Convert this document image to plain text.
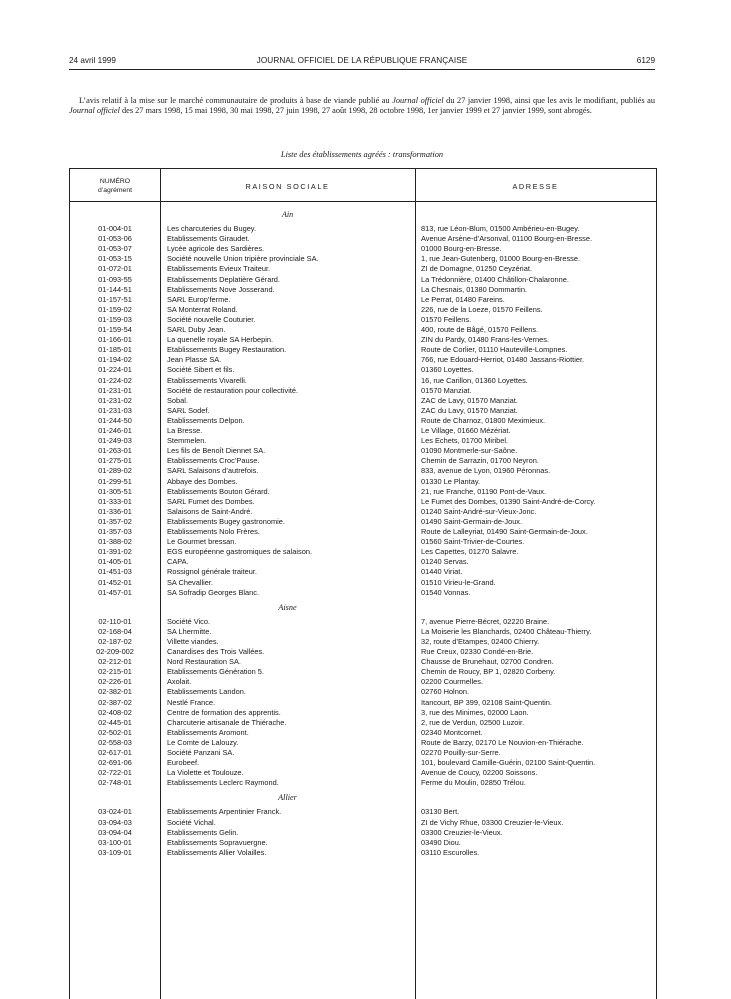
24 avril 1999	JOURNAL OFFICIEL DE LA RÉPUBLIQUE FRANÇAISE	6129
L’avis relatif à la mise sur le marché communautaire de produits à base de viande publié au Journal officiel du 27 janvier 1998, ainsi que les avis le modifiant, publiés au Journal officiel des 27 mars 1998, 15 mai 1998, 30 mai 1998, 27 juin 1998, 27 août 1998, 28 octobre 1998, 1er janvier 1999 et 27 janvier 1999, sont abrogés.
Liste des établissements agréés : transformation
NUMÉRO
d’agrément	RAISON SOCIALE	ADRESSE
Ain
01-004-01	Les charcuteries du Bugey.	813, rue Léon-Blum, 01500 Ambérieu-en-Bugey.
01-053-06	Etablissements Giraudet.	Avenue Arsène-d’Arsonval, 01100 Bourg-en-Bresse.
01-053-07	Lycée agricole des Sardières.	01000 Bourg-en-Bresse.
01-053-15	Société nouvelle Union tripière provinciale SA.	1, rue Jean-Gutenberg, 01000 Bourg-en-Bresse.
01-072-01	Etablissements Evieux Traiteur.	ZI de Domagne, 01250 Ceyzériat.
01-093-55	Etablissements Deplatière Gérard.	La Trédonnière, 01400 Châtillon-Chalaronne.
01-144-51	Etablissements Nove Josserand.	La Chesnais, 01380 Dommartin.
01-157-51	SARL Europ’ferme.	Le Perrat, 01480 Fareins.
01-159-02	SA Monterrat Roland.	226, rue de la Loeze, 01570 Feillens.
01-159-03	Société nouvelle Couturier.	01570 Feillens.
01-159-54	SARL Duby Jean.	400, route de Bâgé, 01570 Feillens.
01-166-01	La quenelle royale SA Herbepin.	ZIN du Pardy, 01480 Frans-les-Vernes.
01-185-01	Etablissements Bugey Restauration.	Route de Corlier, 01110 Hauteville-Lompnes.
01-194-02	Jean Plasse SA.	766, rue Edouard-Herriot, 01480 Jassans-Riottier.
01-224-01	Société Sibert et fils.	01360 Loyettes.
01-224-02	Etablissements Vivarelli.	16, rue Carillon, 01360 Loyettes.
01-231-01	Société de restauration pour collectivité.	01570 Manziat.
01-231-02	Sobal.	ZAC de Lavy, 01570 Manziat.
01-231-03	SARL Sodef.	ZAC du Lavy, 01570 Manziat.
01-244-50	Etablissements Delpon.	Route de Charnoz, 01800 Meximieux.
01-246-01	La Bresse.	Le Village, 01660 Mézériat.
01-249-03	Stemmelen.	Les Echets, 01700 Miribel.
01-263-01	Les fils de Benoît Diennet SA.	01090 Montmerle-sur-Saône.
01-275-01	Etablissements Croc’Pause.	Chemin de Sarrazin, 01700 Neyron.
01-289-02	SARL Salaisons d’autrefois.	833, avenue de Lyon, 01960 Péronnas.
01-299-51	Abbaye des Dombes.	01330 Le Plantay.
01-305-51	Etablissements Bouton Gérard.	21, rue Franche, 01190 Pont-de-Vaux.
01-333-01	SARL Fumet des Dombes.	Le Fumet des Dombes, 01390 Saint-André-de-Corcy.
01-336-01	Salaisons de Saint-André.	01240 Saint-André-sur-Vieux-Jonc.
01-357-02	Etablissements Bugey gastronomie.	01490 Saint-Germain-de-Joux.
01-357-03	Etablissements Nolo Frères.	Route de Lalleyriat, 01490 Saint-Germain-de-Joux.
01-388-02	Le Gourmet bressan.	01560 Saint-Trivier-de-Courtes.
01-391-02	EGS européenne gastromiques de salaison.	Les Capettes, 01270 Salavre.
01-405-01	CAPA.	01240 Servas.
01-451-03	Rossignol générale traiteur.	01440 Viriat.
01-452-01	SA Chevallier.	01510 Virieu-le-Grand.
01-457-01	SA Sofradip Georges Blanc.	01540 Vonnas.
Aisne
02-110-01	Société Vico.	7, avenue Pierre-Bécret, 02220 Braine.
02-168-04	SA Lhermitte.	La Moiserie les Blanchards, 02400 Château-Thierry.
02-187-02	Villette viandes.	32, route d’Etampes, 02400 Chierry.
02-209-002	Canardises des Trois Vallées.	Rue Creux, 02330 Condé-en-Brie.
02-212-01	Nord Restauration SA.	Chausse de Brunehaut, 02700 Condren.
02-215-01	Etablissements Génération 5.	Chemin de Roucy, BP 1, 02820 Corbeny.
02-226-01	Axolait.	02200 Courmelles.
02-382-01	Etablissements Landon.	02760 Holnon.
02-387-02	Nestlé France.	Itancourt, BP 399, 02108 Saint-Quentin.
02-408-02	Centre de formation des apprentis.	3, rue des Minimes, 02000 Laon.
02-445-01	Charcuterie artisanale de Thiérache.	2, rue de Verdun, 02500 Luzoir.
02-502-01	Etablissements Aromont.	02340 Montcornet.
02-558-03	Le Comte de Lalouzy.	Route de Barzy, 02170 Le Nouvion-en-Thiérache.
02-617-01	Société Panzani SA.	02270 Pouilly-sur-Serre.
02-691-06	Eurobeef.	101, boulevard Camille-Guérin, 02100 Saint-Quentin.
02-722-01	La Violette et Toulouze.	Avenue de Coucy, 02200 Soissons.
02-748-01	Etablissements Leclerc Raymond.	Ferme du Moulin, 02850 Trélou.
Allier
03-024-01	Etablissements Arpentinier Franck.	03130 Bert.
03-094-03	Société Vichal.	ZI de Vichy Rhue, 03300 Creuzier-le-Vieux.
03-094-04	Etablissements Gelin.	03300 Creuzier-le-Vieux.
03-100-01	Etablissements Sopravuergne.	03490 Diou.
03-109-01	Etablissements Allier Volailles.	03110 Escurolles.
